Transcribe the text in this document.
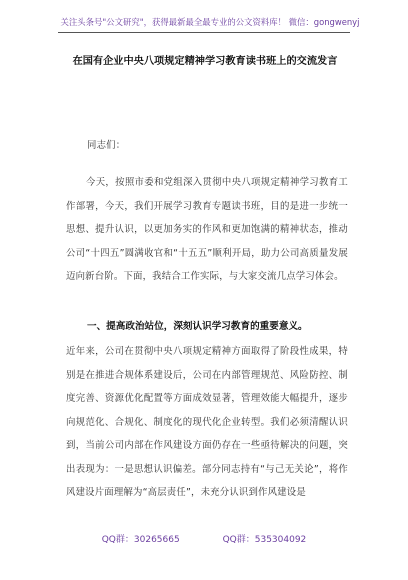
关注头条号"公文研究"，获得最新最全最专业的公文资料库！ 微信：gongwenyj
在国有企业中央八项规定精神学习教育读书班上的交流发言
同志们：
今天，按照市委和党组深入贯彻中央八项规定精神学习教育工作部署，今天，我们开展学习教育专题读书班，目的是进一步统一思想、提升认识，以更加务实的作风和更加饱满的精神状态，推动公司“十四五”圆满收官和“十五五”顺利开局，助力公司高质量发展迈向新台阶。下面，我结合工作实际，与大家交流几点学习体会。
一、提高政治站位，深刻认识学习教育的重要意义。
近年来，公司在贯彻中央八项规定精神方面取得了阶段性成果，特别是在推进合规体系建设后，公司在内部管理规范、风险防控、制度完善、资源优化配置等方面成效显著，管理效能大幅提升，逐步向规范化、合规化、制度化的现代化企业转型。我们必须清醒认识到，当前公司内部在作风建设方面仍存在一些亟待解决的问题，突出表现为：一是思想认识偏差。部分同志持有“与己无关论”，将作风建设片面理解为“高层责任”，未充分认识到作风建设是
QQ群：30265665	QQ群：535304092
